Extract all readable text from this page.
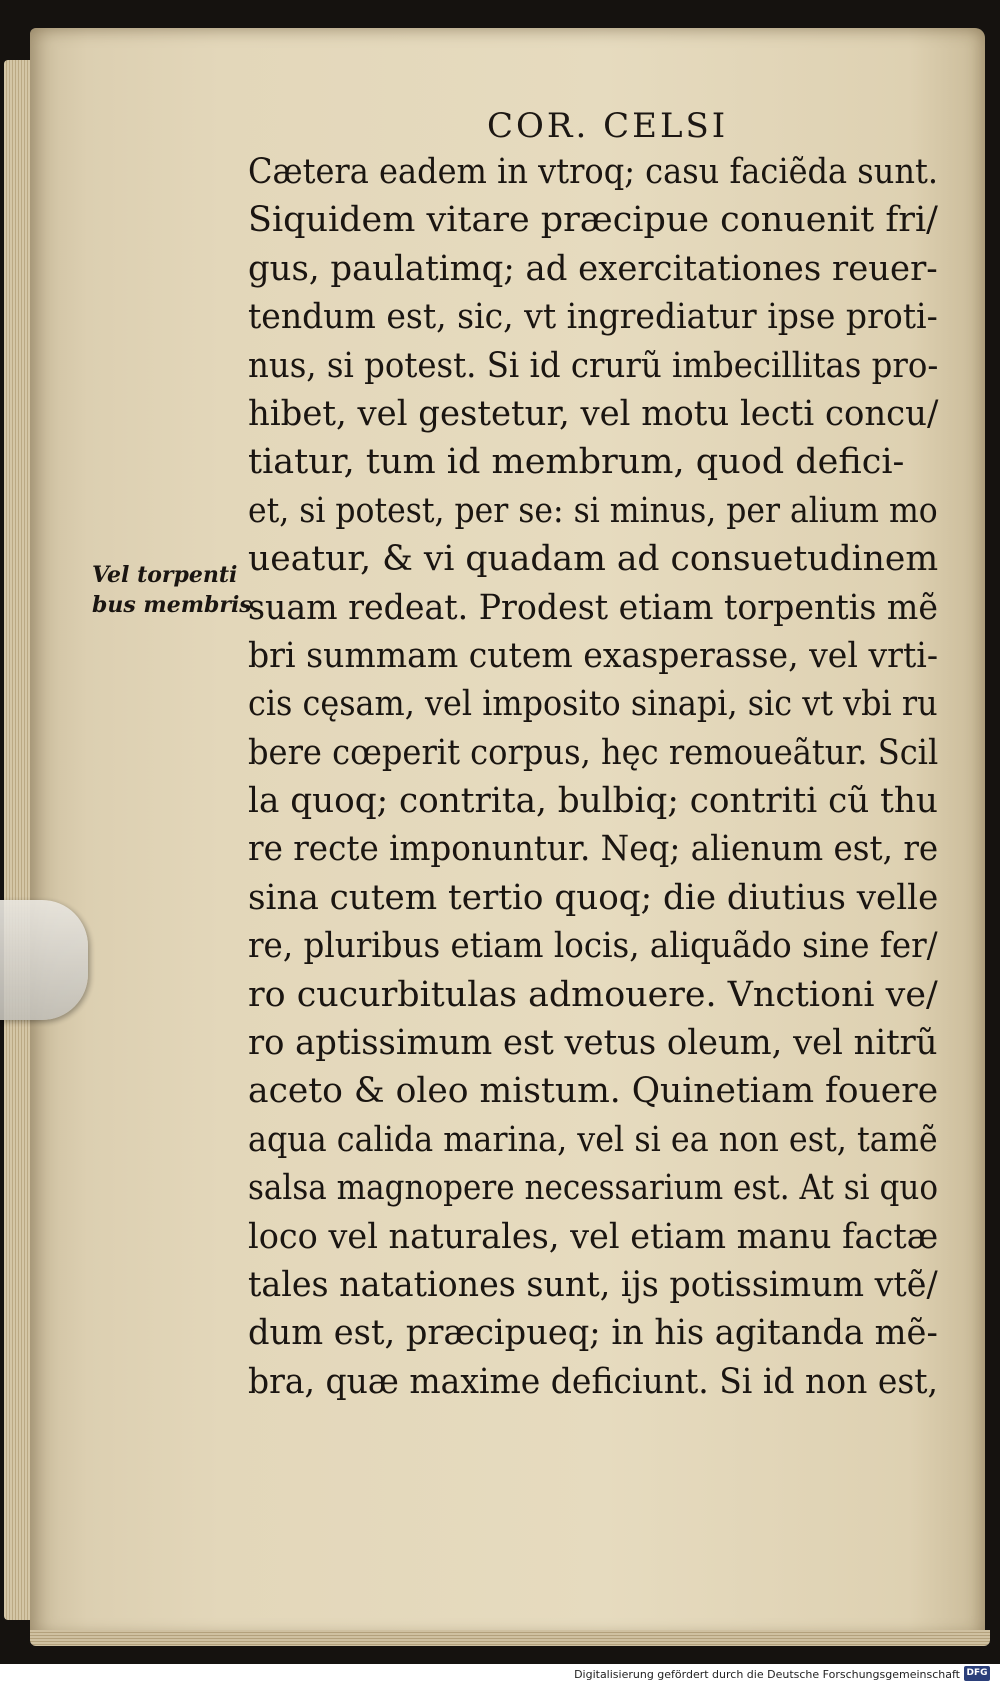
COR. CELSI
Vel torpenti
bus membris.
Cætera eadem in vtroq; casu faciẽda sunt.
Siquidem vitare præcipue conuenit fri/
gus, paulatimq; ad exercitationes reuer-
tendum est, sic, vt ingrediatur ipse proti-
nus, si potest. Si id crurũ imbecillitas pro-
hibet, vel gestetur, vel motu lecti concu/
tiatur, tum id membrum, quod defici-
et, si potest, per se: si minus, per alium mo
ueatur, & vi quadam ad consuetudinem
suam redeat. Prodest etiam torpentis mẽ
bri summam cutem exasperasse, vel vrti-
cis cęsam, vel imposito sinapi, sic vt vbi ru
bere cœperit corpus, hęc remoueãtur. Scil
la quoq; contrita, bulbiq; contriti cũ thu
re recte imponuntur. Neq; alienum est, re
sina cutem tertio quoq; die diutius velle
re, pluribus etiam locis, aliquãdo sine fer/
ro cucurbitulas admouere. Vnctioni ve/
ro aptissimum est vetus oleum, vel nitrũ
aceto & oleo mistum. Quinetiam fouere
aqua calida marina, vel si ea non est, tamẽ
salsa magnopere necessarium est. At si quo
loco vel naturales, vel etiam manu factæ
tales natationes sunt, ijs potissimum vtẽ/
dum est, præcipueq; in his agitanda mẽ-
bra, quæ maxime deficiunt. Si id non est,
Digitalisierung gefördert durch die Deutsche Forschungsgemeinschaft DFG
